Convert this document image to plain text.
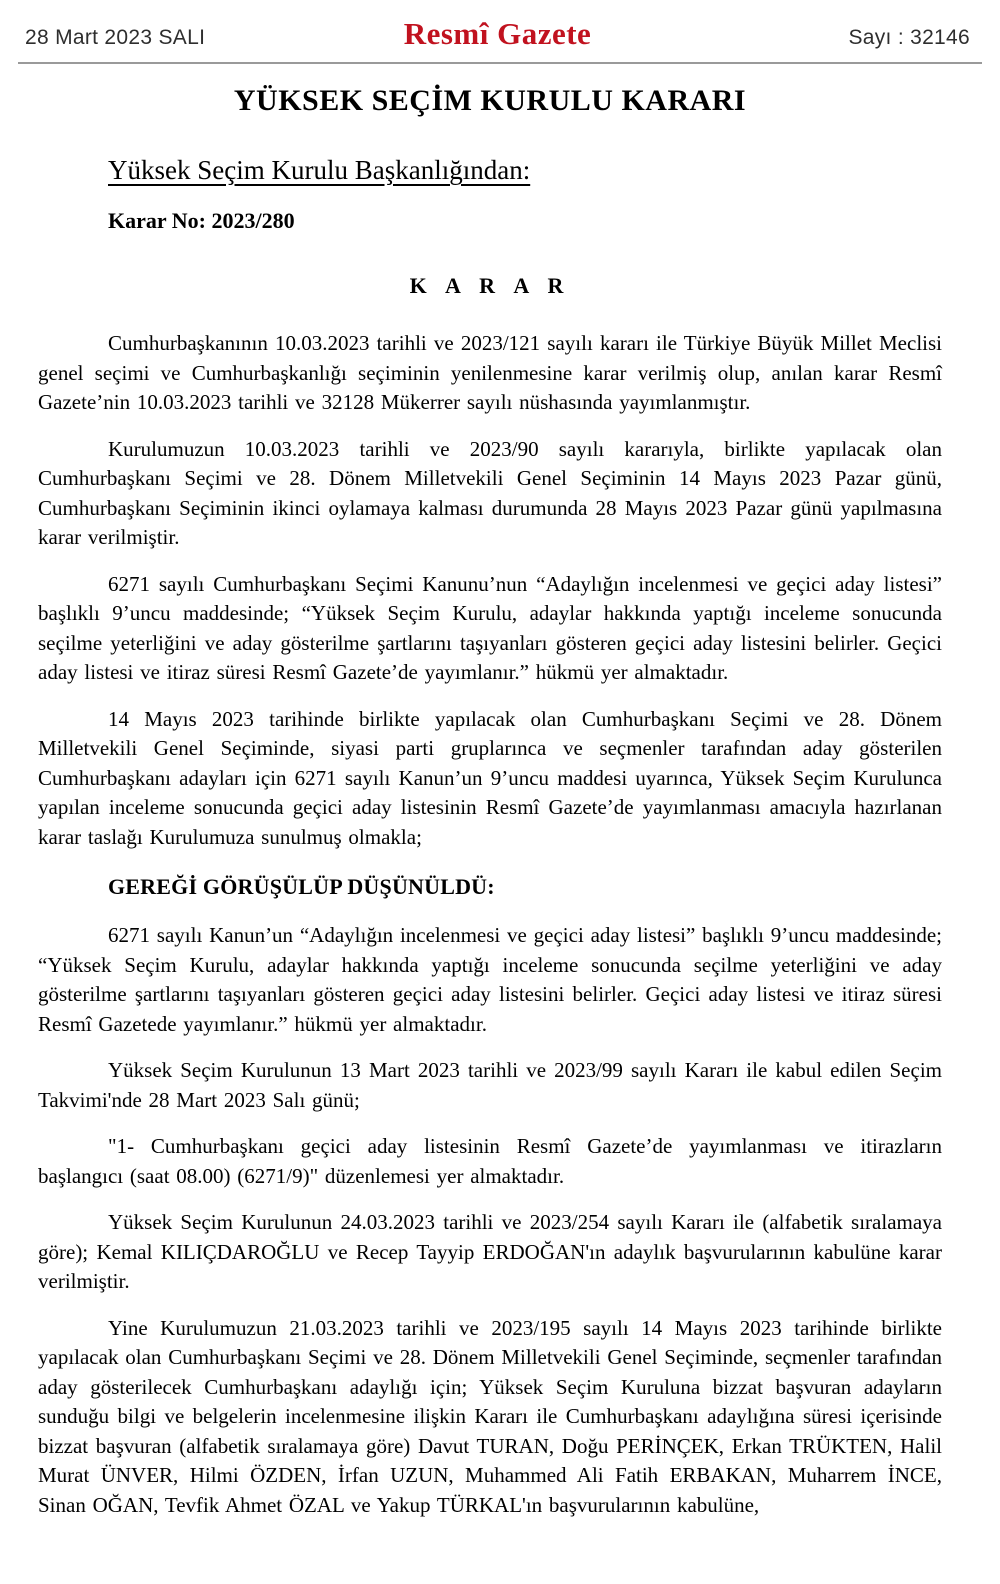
28 Mart 2023 SALI	Resmî Gazete	Sayı : 32146
YÜKSEK SEÇİM KURULU KARARI
Yüksek Seçim Kurulu Başkanlığından:
Karar No: 2023/280
K A R A R

Cumhurbaşkanının 10.03.2023 tarihli ve 2023/121 sayılı kararı ile Türkiye Büyük Millet Meclisi genel seçimi ve Cumhurbaşkanlığı seçiminin yenilenmesine karar verilmiş olup, anılan karar Resmî Gazete’nin 10.03.2023 tarihli ve 32128 Mükerrer sayılı nüshasında yayımlanmıştır.

Kurulumuzun 10.03.2023 tarihli ve 2023/90 sayılı kararıyla, birlikte yapılacak olan Cumhurbaşkanı Seçimi ve 28. Dönem Milletvekili Genel Seçiminin 14 Mayıs 2023 Pazar günü, Cumhurbaşkanı Seçiminin ikinci oylamaya kalması durumunda 28 Mayıs 2023 Pazar günü yapılmasına karar verilmiştir.

6271 sayılı Cumhurbaşkanı Seçimi Kanunu’nun “Adaylığın incelenmesi ve geçici aday listesi” başlıklı 9’uncu maddesinde; “Yüksek Seçim Kurulu, adaylar hakkında yaptığı inceleme sonucunda seçilme yeterliğini ve aday gösterilme şartlarını taşıyanları gösteren geçici aday listesini belirler. Geçici aday listesi ve itiraz süresi Resmî Gazete’de yayımlanır.” hükmü yer almaktadır.

14 Mayıs 2023 tarihinde birlikte yapılacak olan Cumhurbaşkanı Seçimi ve 28. Dönem Milletvekili Genel Seçiminde, siyasi parti gruplarınca ve seçmenler tarafından aday gösterilen Cumhurbaşkanı adayları için 6271 sayılı Kanun’un 9’uncu maddesi uyarınca, Yüksek Seçim Kurulunca yapılan inceleme sonucunda geçici aday listesinin Resmî Gazete’de yayımlanması amacıyla hazırlanan karar taslağı Kurulumuza sunulmuş olmakla;

GEREĞİ GÖRÜŞÜLÜP DÜŞÜNÜLDÜ:

6271 sayılı Kanun’un “Adaylığın incelenmesi ve geçici aday listesi” başlıklı 9’uncu maddesinde; “Yüksek Seçim Kurulu, adaylar hakkında yaptığı inceleme sonucunda seçilme yeterliğini ve aday gösterilme şartlarını taşıyanları gösteren geçici aday listesini belirler. Geçici aday listesi ve itiraz süresi Resmî Gazetede yayımlanır.” hükmü yer almaktadır.

Yüksek Seçim Kurulunun 13 Mart 2023 tarihli ve 2023/99 sayılı Kararı ile kabul edilen Seçim Takvimi'nde 28 Mart 2023 Salı günü;

"1- Cumhurbaşkanı geçici aday listesinin Resmî Gazete’de yayımlanması ve itirazların başlangıcı (saat 08.00) (6271/9)" düzenlemesi yer almaktadır.

Yüksek Seçim Kurulunun 24.03.2023 tarihli ve 2023/254 sayılı Kararı ile (alfabetik sıralamaya göre); Kemal KILIÇDAROĞLU ve Recep Tayyip ERDOĞAN'ın adaylık başvurularının kabulüne karar verilmiştir.

Yine Kurulumuzun 21.03.2023 tarihli ve 2023/195 sayılı 14 Mayıs 2023 tarihinde birlikte yapılacak olan Cumhurbaşkanı Seçimi ve 28. Dönem Milletvekili Genel Seçiminde, seçmenler tarafından aday gösterilecek Cumhurbaşkanı adaylığı için; Yüksek Seçim Kuruluna bizzat başvuran adayların sunduğu bilgi ve belgelerin incelenmesine ilişkin Kararı ile Cumhurbaşkanı adaylığına süresi içerisinde bizzat başvuran (alfabetik sıralamaya göre) Davut TURAN, Doğu PERİNÇEK, Erkan TRÜKTEN, Halil Murat ÜNVER, Hilmi ÖZDEN, İrfan UZUN, Muhammed Ali Fatih ERBAKAN, Muharrem İNCE, Sinan OĞAN, Tevfik Ahmet ÖZAL ve Yakup TÜRKAL'ın başvurularının kabulüne,
